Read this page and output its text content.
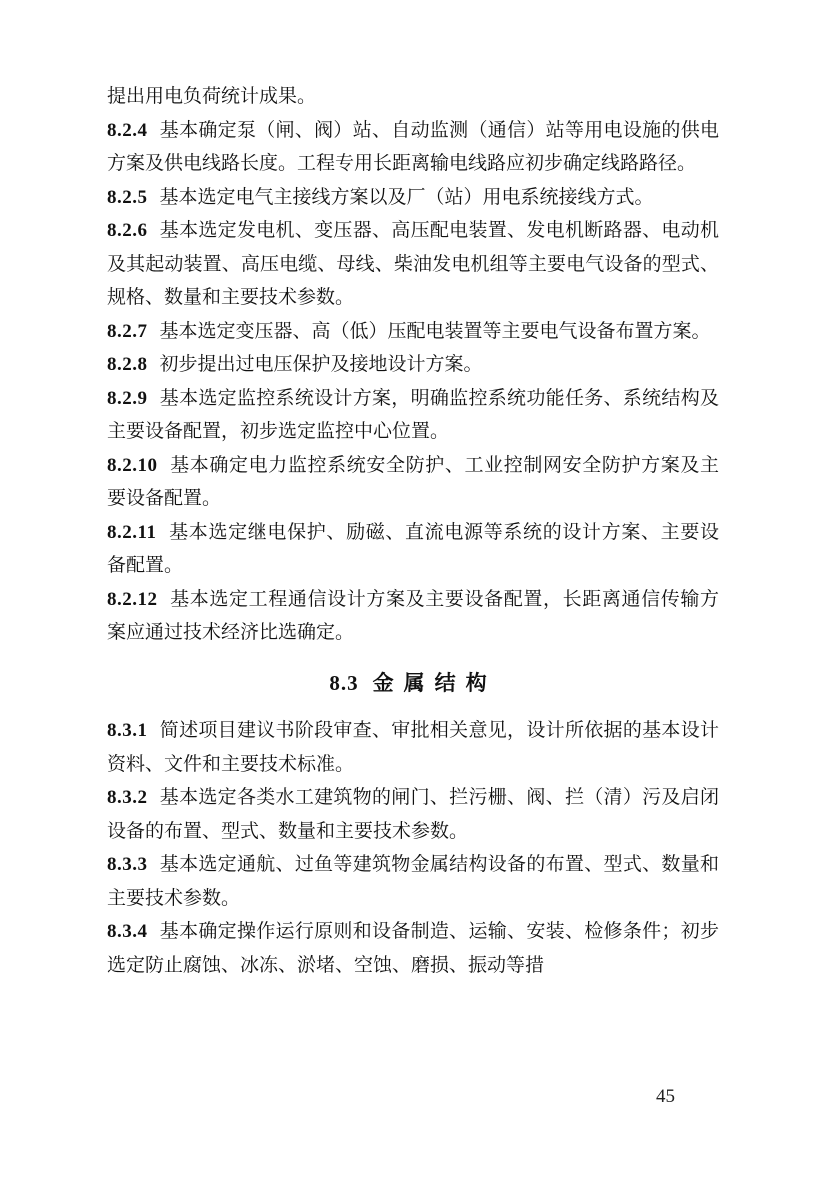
提出用电负荷统计成果。

8.2.4 基本确定泵（闸、阀）站、自动监测（通信）站等用电设施的供电方案及供电线路长度。工程专用长距离输电线路应初步确定线路路径。

8.2.5 基本选定电气主接线方案以及厂（站）用电系统接线方式。

8.2.6 基本选定发电机、变压器、高压配电装置、发电机断路器、电动机及其起动装置、高压电缆、母线、柴油发电机组等主要电气设备的型式、规格、数量和主要技术参数。

8.2.7 基本选定变压器、高（低）压配电装置等主要电气设备布置方案。

8.2.8 初步提出过电压保护及接地设计方案。

8.2.9 基本选定监控系统设计方案，明确监控系统功能任务、系统结构及主要设备配置，初步选定监控中心位置。

8.2.10 基本确定电力监控系统安全防护、工业控制网安全防护方案及主要设备配置。

8.2.11 基本选定继电保护、励磁、直流电源等系统的设计方案、主要设备配置。

8.2.12 基本选定工程通信设计方案及主要设备配置，长距离通信传输方案应通过技术经济比选确定。

8.3 金属结构

8.3.1 简述项目建议书阶段审查、审批相关意见，设计所依据的基本设计资料、文件和主要技术标准。

8.3.2 基本选定各类水工建筑物的闸门、拦污栅、阀、拦（清）污及启闭设备的布置、型式、数量和主要技术参数。

8.3.3 基本选定通航、过鱼等建筑物金属结构设备的布置、型式、数量和主要技术参数。

8.3.4 基本确定操作运行原则和设备制造、运输、安装、检修条件；初步选定防止腐蚀、冰冻、淤堵、空蚀、磨损、振动等措

45
